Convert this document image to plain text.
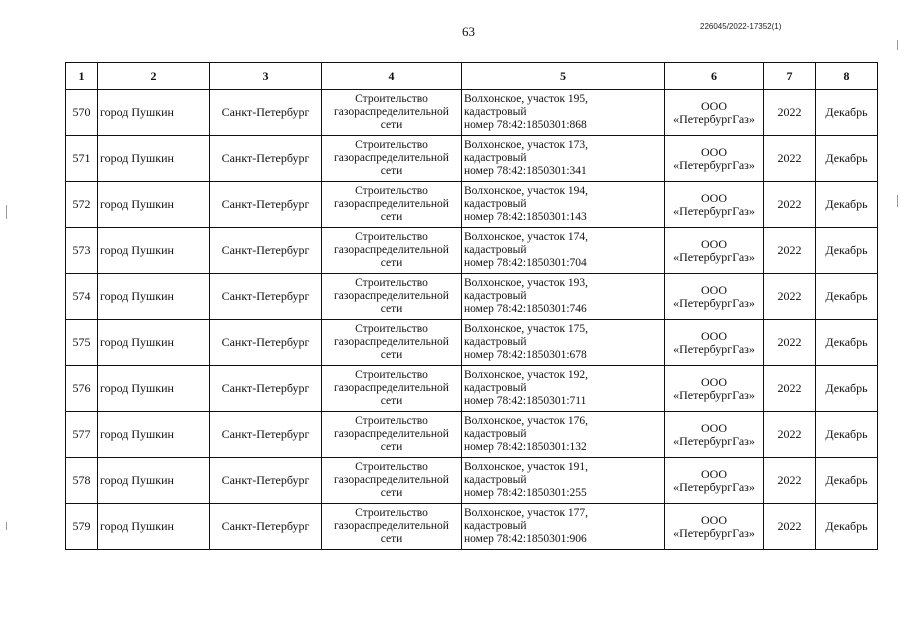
63	226045/2022-17352(1)
1	2	3	4	5	6	7	8
570	город Пушкин	Санкт-Петербург	Строительство газораспределительной сети	Волхонское, участок 195,
кадастровый
номер 78:42:1850301:868	ООО
«ПетербургГаз»	2022	Декабрь
571	город Пушкин	Санкт-Петербург	Строительство газораспределительной сети	Волхонское, участок 173,
кадастровый
номер 78:42:1850301:341	ООО
«ПетербургГаз»	2022	Декабрь
572	город Пушкин	Санкт-Петербург	Строительство газораспределительной сети	Волхонское, участок 194,
кадастровый
номер 78:42:1850301:143	ООО
«ПетербургГаз»	2022	Декабрь
573	город Пушкин	Санкт-Петербург	Строительство газораспределительной сети	Волхонское, участок 174,
кадастровый
номер 78:42:1850301:704	ООО
«ПетербургГаз»	2022	Декабрь
574	город Пушкин	Санкт-Петербург	Строительство газораспределительной сети	Волхонское, участок 193,
кадастровый
номер 78:42:1850301:746	ООО
«ПетербургГаз»	2022	Декабрь
575	город Пушкин	Санкт-Петербург	Строительство газораспределительной сети	Волхонское, участок 175,
кадастровый
номер 78:42:1850301:678	ООО
«ПетербургГаз»	2022	Декабрь
576	город Пушкин	Санкт-Петербург	Строительство газораспределительной сети	Волхонское, участок 192,
кадастровый
номер 78:42:1850301:711	ООО
«ПетербургГаз»	2022	Декабрь
577	город Пушкин	Санкт-Петербург	Строительство газораспределительной сети	Волхонское, участок 176,
кадастровый
номер 78:42:1850301:132	ООО
«ПетербургГаз»	2022	Декабрь
578	город Пушкин	Санкт-Петербург	Строительство газораспределительной сети	Волхонское, участок 191,
кадастровый
номер 78:42:1850301:255	ООО
«ПетербургГаз»	2022	Декабрь
579	город Пушкин	Санкт-Петербург	Строительство газораспределительной сети	Волхонское, участок 177,
кадастровый
номер 78:42:1850301:906	ООО
«ПетербургГаз»	2022	Декабрь
